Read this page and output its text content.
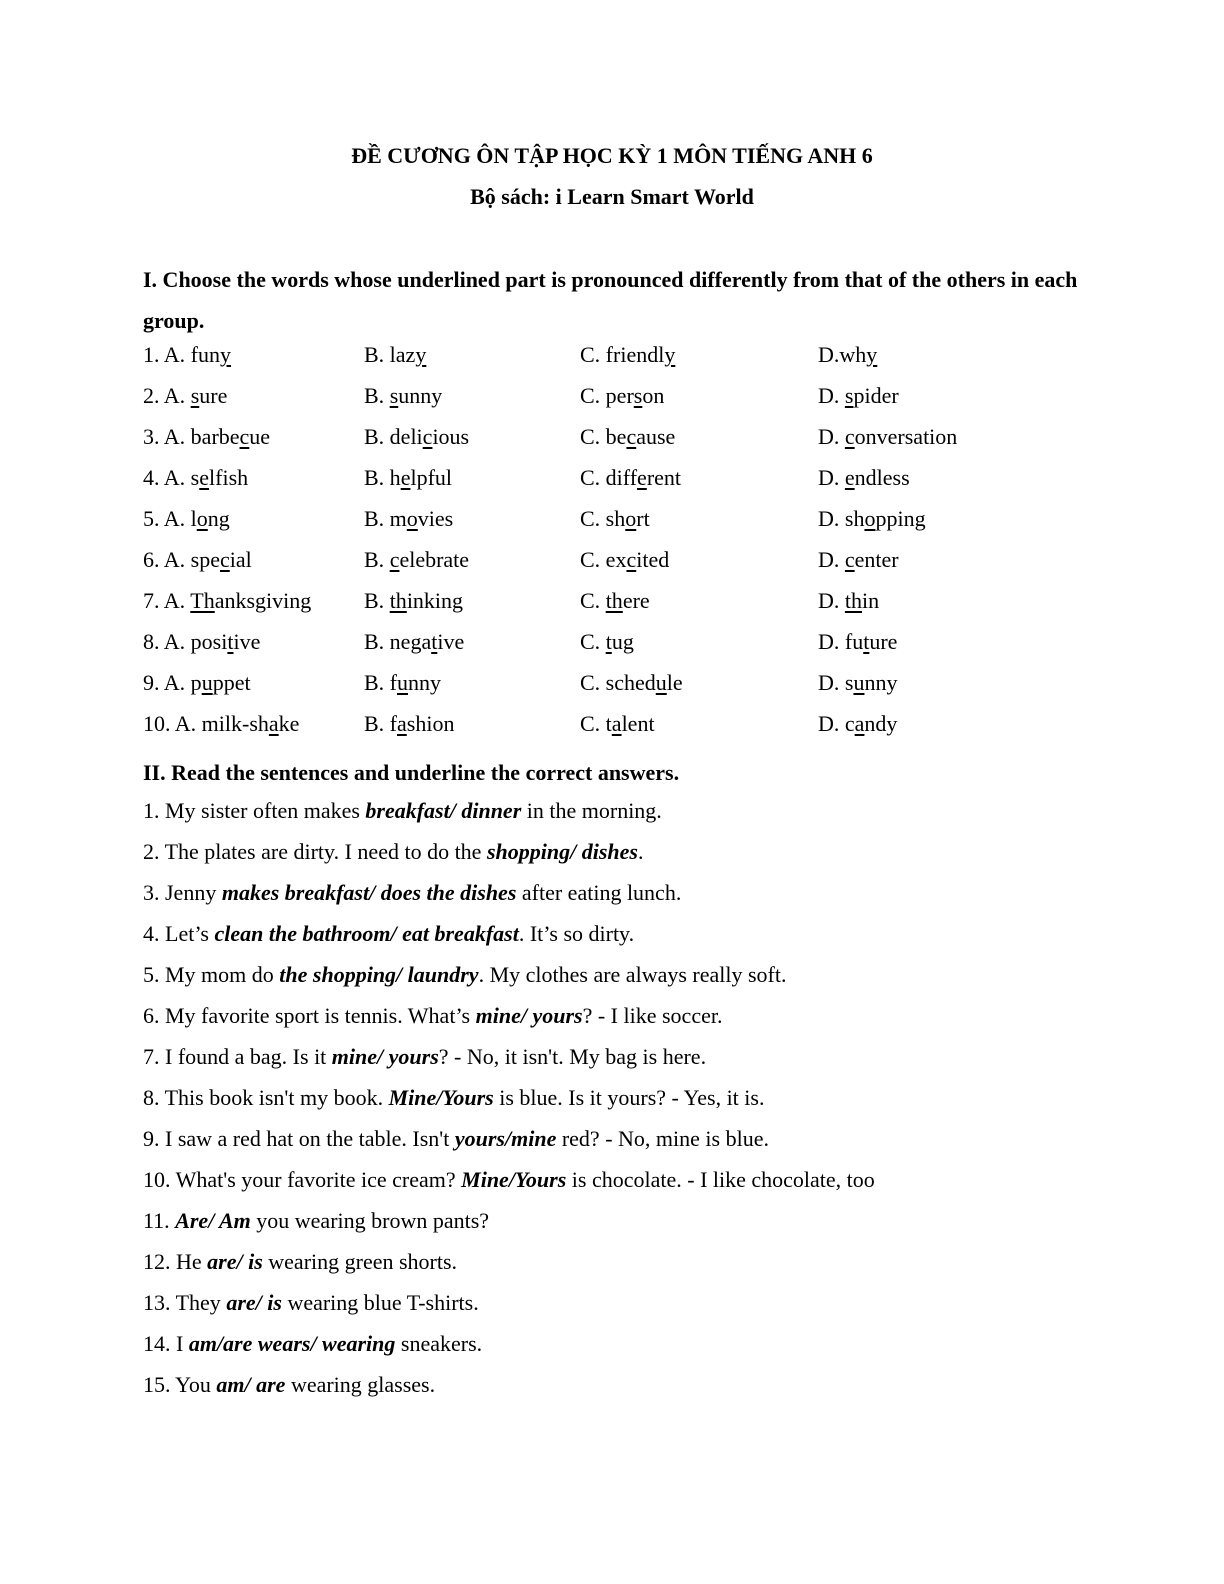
ĐỀ CƯƠNG ÔN TẬP HỌC KỲ 1 MÔN TIẾNG ANH 6
Bộ sách: i Learn Smart World
I. Choose the words whose underlined part is pronounced differently from that of the others in each group.
1. A. funy	B. lazy	C. friendly	D.why
2. A. sure	B. sunny	C. person	D. spider
3. A. barbecue	B. delicious	C. because	D. conversation
4. A. selfish	B. helpful	C. different	D. endless
5. A. long	B. movies	C. short	D. shopping
6. A. special	B. celebrate	C. excited	D. center
7. A. Thanksgiving B. thinking	C. there	D. thin
8. A. positive	B. negative	C. tug	D. future
9. A. puppet	B. funny	C. schedule	D. sunny
10. A. milk-shake	B. fashion	C. talent	D. candy
II. Read the sentences and underline the correct answers.
1. My sister often makes breakfast/ dinner in the morning.
2. The plates are dirty. I need to do the shopping/ dishes.
3. Jenny makes breakfast/ does the dishes after eating lunch.
4. Let’s clean the bathroom/ eat breakfast. It’s so dirty.
5. My mom do the shopping/ laundry. My clothes are always really soft.
6. My favorite sport is tennis. What’s mine/ yours? - I like soccer.
7. I found a bag. Is it mine/ yours? - No, it isn't. My bag is here.
8. This book isn't my book. Mine/Yours is blue. Is it yours? - Yes, it is.
9. I saw a red hat on the table. Isn't yours/mine red? - No, mine is blue.
10. What's your favorite ice cream? Mine/Yours is chocolate. - I like chocolate, too
11. Are/ Am you wearing brown pants?
12. He are/ is wearing green shorts.
13. They are/ is wearing blue T-shirts.
14. I am/are wears/ wearing sneakers.
15. You am/ are wearing glasses.
